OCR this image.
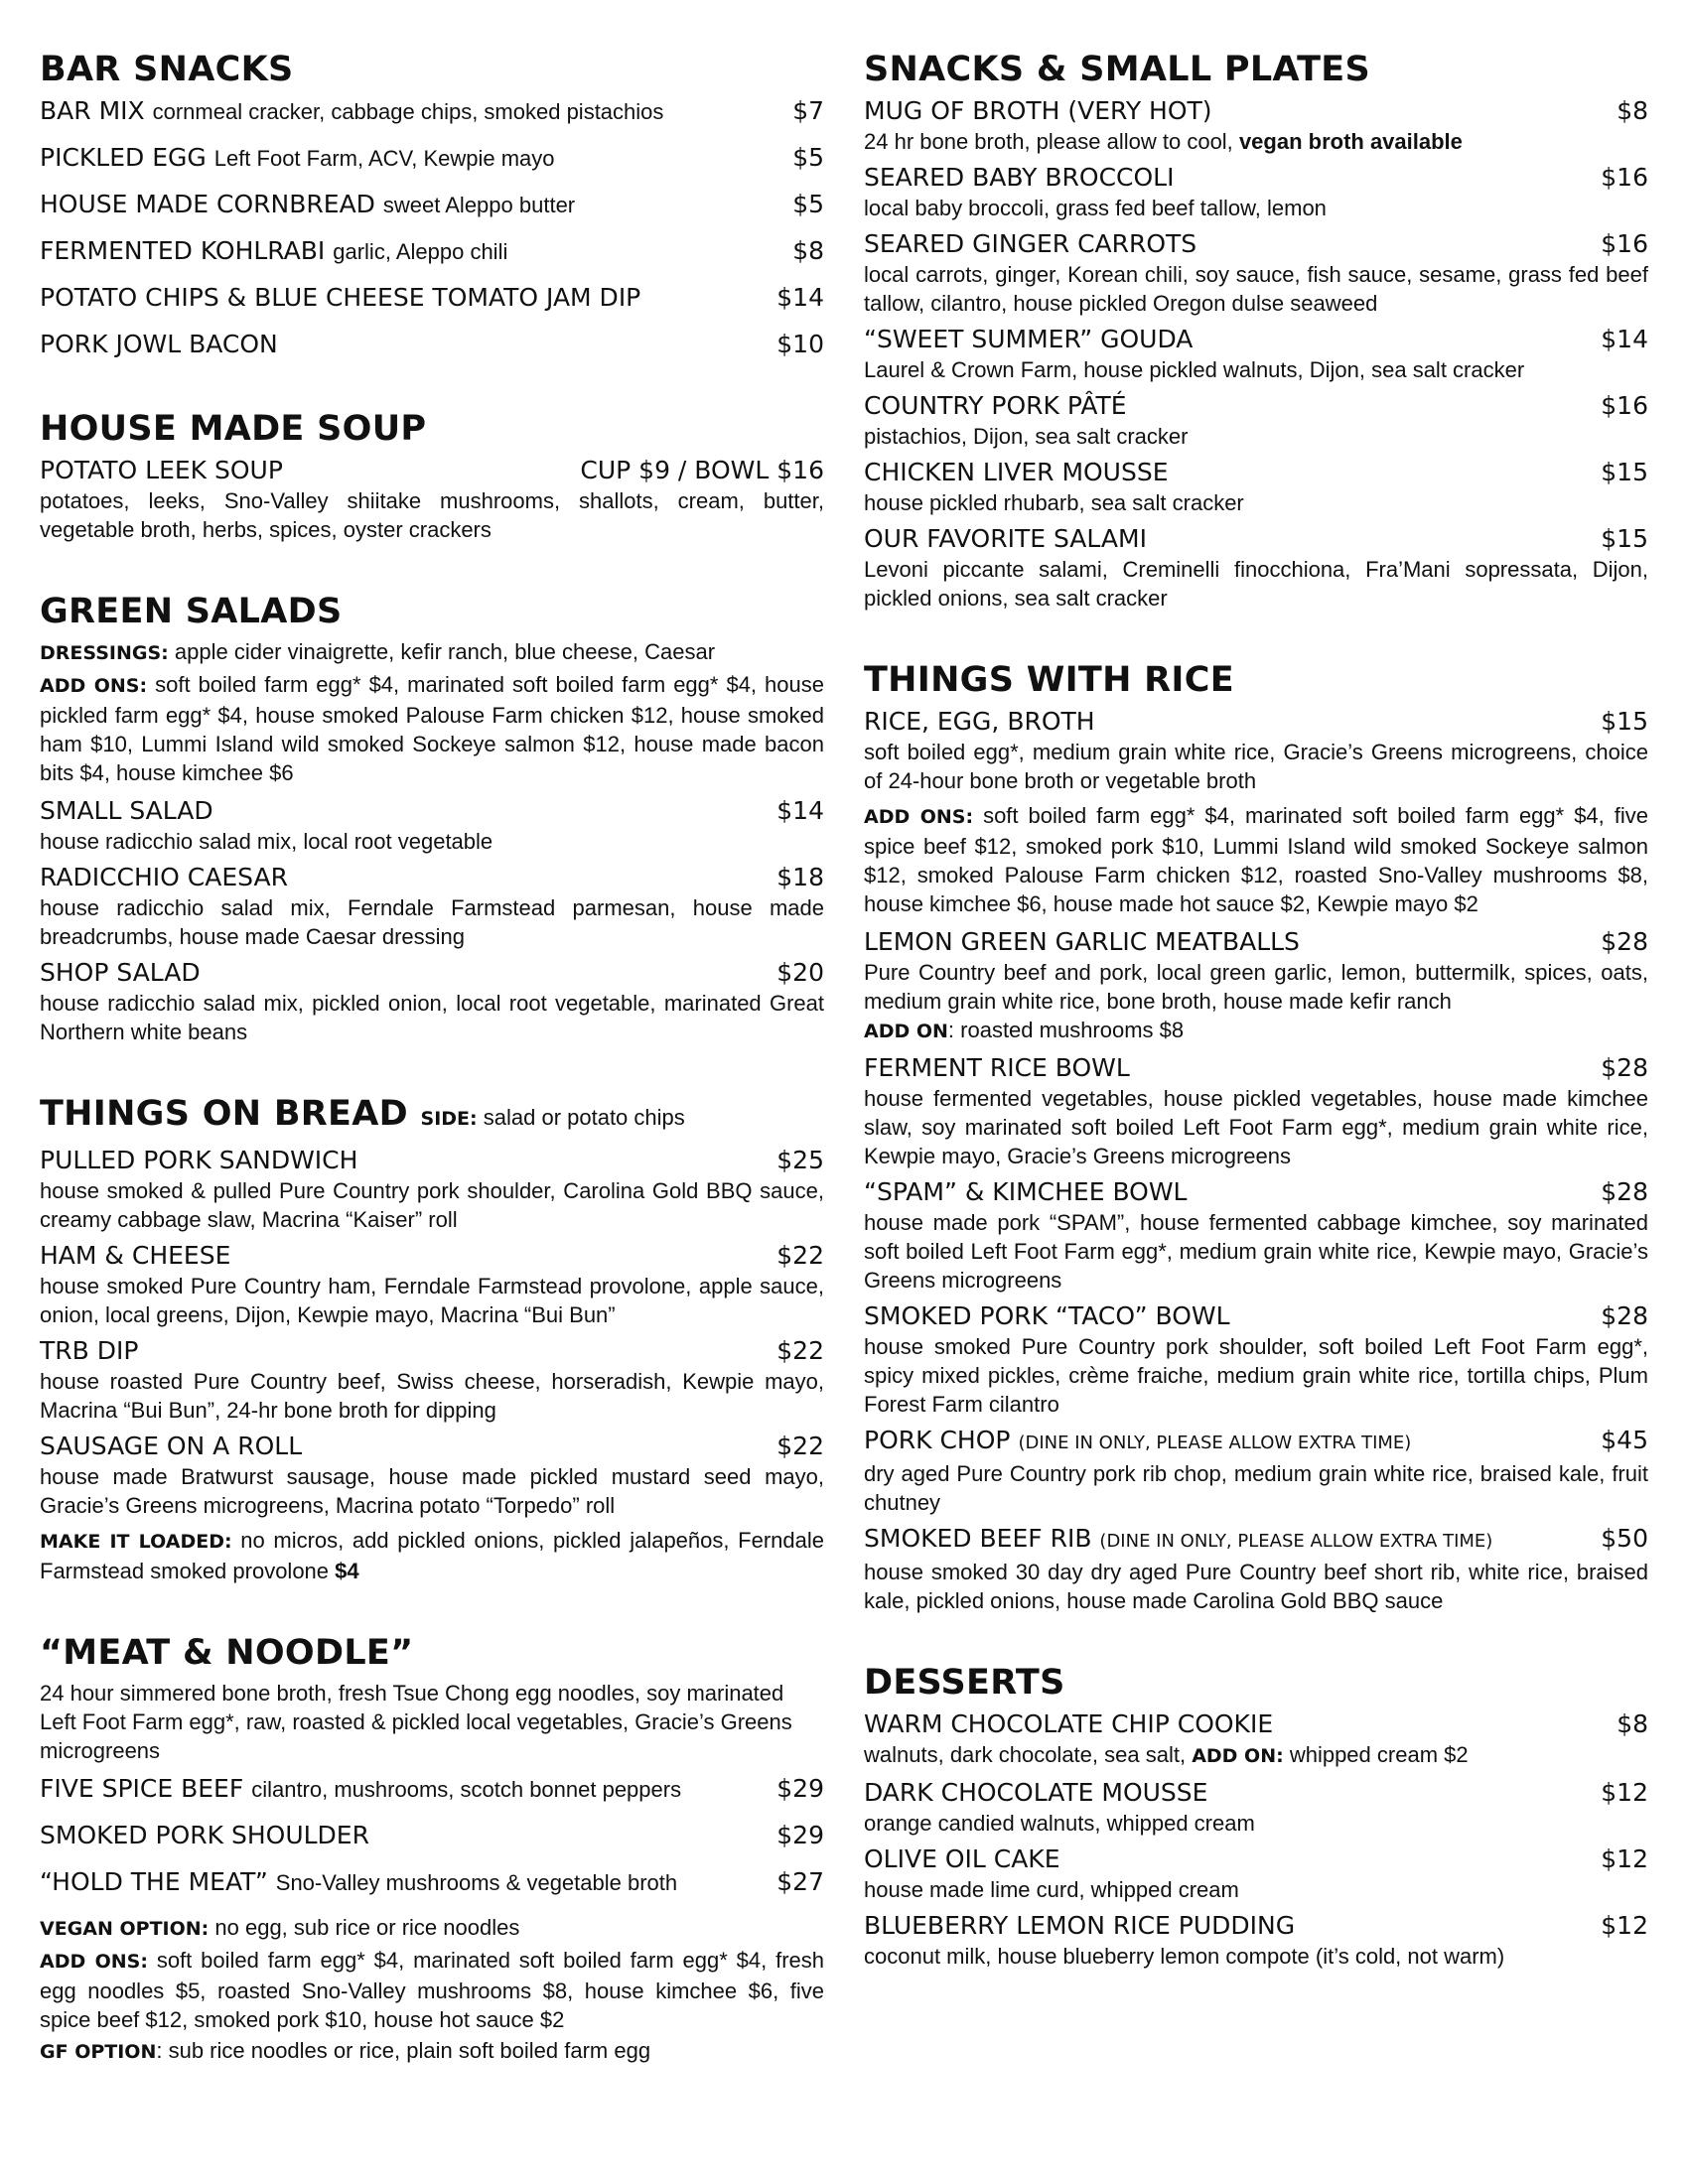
BAR SNACKS
BAR MIX cornmeal cracker, cabbage chips, smoked pistachios	$7
PICKLED EGG Left Foot Farm, ACV, Kewpie mayo	$5
HOUSE MADE CORNBREAD sweet Aleppo butter	$5
FERMENTED KOHLRABI garlic, Aleppo chili	$8
POTATO CHIPS & BLUE CHEESE TOMATO JAM DIP	$14
PORK JOWL BACON	$10
HOUSE MADE SOUP
POTATO LEEK SOUP	CUP $9 / BOWL $16
potatoes, leeks, Sno-Valley shiitake mushrooms, shallots, cream, butter, vegetable broth, herbs, spices, oyster crackers
GREEN SALADS
DRESSINGS: apple cider vinaigrette, kefir ranch, blue cheese, Caesar
ADD ONS: soft boiled farm egg* $4, marinated soft boiled farm egg* $4, house pickled farm egg* $4, house smoked Palouse Farm chicken $12, house smoked ham $10, Lummi Island wild smoked Sockeye salmon $12, house made bacon bits $4, house kimchee $6
SMALL SALAD	$14
house radicchio salad mix, local root vegetable
RADICCHIO CAESAR	$18
house radicchio salad mix, Ferndale Farmstead parmesan, house made breadcrumbs, house made Caesar dressing
SHOP SALAD	$20
house radicchio salad mix, pickled onion, local root vegetable, marinated Great Northern white beans
THINGS ON BREAD SIDE: salad or potato chips
PULLED PORK SANDWICH	$25
house smoked & pulled Pure Country pork shoulder, Carolina Gold BBQ sauce, creamy cabbage slaw, Macrina “Kaiser” roll
HAM & CHEESE	$22
house smoked Pure Country ham, Ferndale Farmstead provolone, apple sauce, onion, local greens, Dijon, Kewpie mayo, Macrina “Bui Bun”
TRB DIP	$22
house roasted Pure Country beef, Swiss cheese, horseradish, Kewpie mayo, Macrina “Bui Bun”, 24-hr bone broth for dipping
SAUSAGE ON A ROLL	$22
house made Bratwurst sausage, house made pickled mustard seed mayo, Gracie’s Greens microgreens, Macrina potato “Torpedo” roll
MAKE IT LOADED: no micros, add pickled onions, pickled jalapeños, Ferndale Farmstead smoked provolone $4
“MEAT & NOODLE”
24 hour simmered bone broth, fresh Tsue Chong egg noodles, soy marinated Left Foot Farm egg*, raw, roasted & pickled local vegetables, Gracie’s Greens microgreens
FIVE SPICE BEEF cilantro, mushrooms, scotch bonnet peppers	$29
SMOKED PORK SHOULDER	$29
“HOLD THE MEAT” Sno-Valley mushrooms & vegetable broth	$27
VEGAN OPTION: no egg, sub rice or rice noodles
ADD ONS: soft boiled farm egg* $4, marinated soft boiled farm egg* $4, fresh egg noodles $5, roasted Sno-Valley mushrooms $8, house kimchee $6, five spice beef $12, smoked pork $10, house hot sauce $2
GF OPTION: sub rice noodles or rice, plain soft boiled farm egg
SNACKS & SMALL PLATES
MUG OF BROTH (VERY HOT)	$8
24 hr bone broth, please allow to cool, vegan broth available
SEARED BABY BROCCOLI	$16
local baby broccoli, grass fed beef tallow, lemon
SEARED GINGER CARROTS	$16
local carrots, ginger, Korean chili, soy sauce, fish sauce, sesame, grass fed beef tallow, cilantro, house pickled Oregon dulse seaweed
“SWEET SUMMER” GOUDA	$14
Laurel & Crown Farm, house pickled walnuts, Dijon, sea salt cracker
COUNTRY PORK PÂTÉ	$16
pistachios, Dijon, sea salt cracker
CHICKEN LIVER MOUSSE	$15
house pickled rhubarb, sea salt cracker
OUR FAVORITE SALAMI	$15
Levoni piccante salami, Creminelli finocchiona, Fra’Mani sopressata, Dijon, pickled onions, sea salt cracker
THINGS WITH RICE
RICE, EGG, BROTH	$15
soft boiled egg*, medium grain white rice, Gracie’s Greens microgreens, choice of 24-hour bone broth or vegetable broth
ADD ONS: soft boiled farm egg* $4, marinated soft boiled farm egg* $4, five spice beef $12, smoked pork $10, Lummi Island wild smoked Sockeye salmon $12, smoked Palouse Farm chicken $12, roasted Sno-Valley mushrooms $8, house kimchee $6, house made hot sauce $2, Kewpie mayo $2
LEMON GREEN GARLIC MEATBALLS	$28
Pure Country beef and pork, local green garlic, lemon, buttermilk, spices, oats, medium grain white rice, bone broth, house made kefir ranch
ADD ON: roasted mushrooms $8
FERMENT RICE BOWL	$28
house fermented vegetables, house pickled vegetables, house made kimchee slaw, soy marinated soft boiled Left Foot Farm egg*, medium grain white rice, Kewpie mayo, Gracie’s Greens microgreens
“SPAM” & KIMCHEE BOWL	$28
house made pork “SPAM”, house fermented cabbage kimchee, soy marinated soft boiled Left Foot Farm egg*, medium grain white rice, Kewpie mayo, Gracie’s Greens microgreens
SMOKED PORK “TACO” BOWL	$28
house smoked Pure Country pork shoulder, soft boiled Left Foot Farm egg*, spicy mixed pickles, crème fraiche, medium grain white rice, tortilla chips, Plum Forest Farm cilantro
PORK CHOP (DINE IN ONLY, PLEASE ALLOW EXTRA TIME)	$45
dry aged Pure Country pork rib chop, medium grain white rice, braised kale, fruit chutney
SMOKED BEEF RIB (DINE IN ONLY, PLEASE ALLOW EXTRA TIME)	$50
house smoked 30 day dry aged Pure Country beef short rib, white rice, braised kale, pickled onions, house made Carolina Gold BBQ sauce
DESSERTS
WARM CHOCOLATE CHIP COOKIE	$8
walnuts, dark chocolate, sea salt, ADD ON: whipped cream $2
DARK CHOCOLATE MOUSSE	$12
orange candied walnuts, whipped cream
OLIVE OIL CAKE	$12
house made lime curd, whipped cream
BLUEBERRY LEMON RICE PUDDING	$12
coconut milk, house blueberry lemon compote (it’s cold, not warm)
